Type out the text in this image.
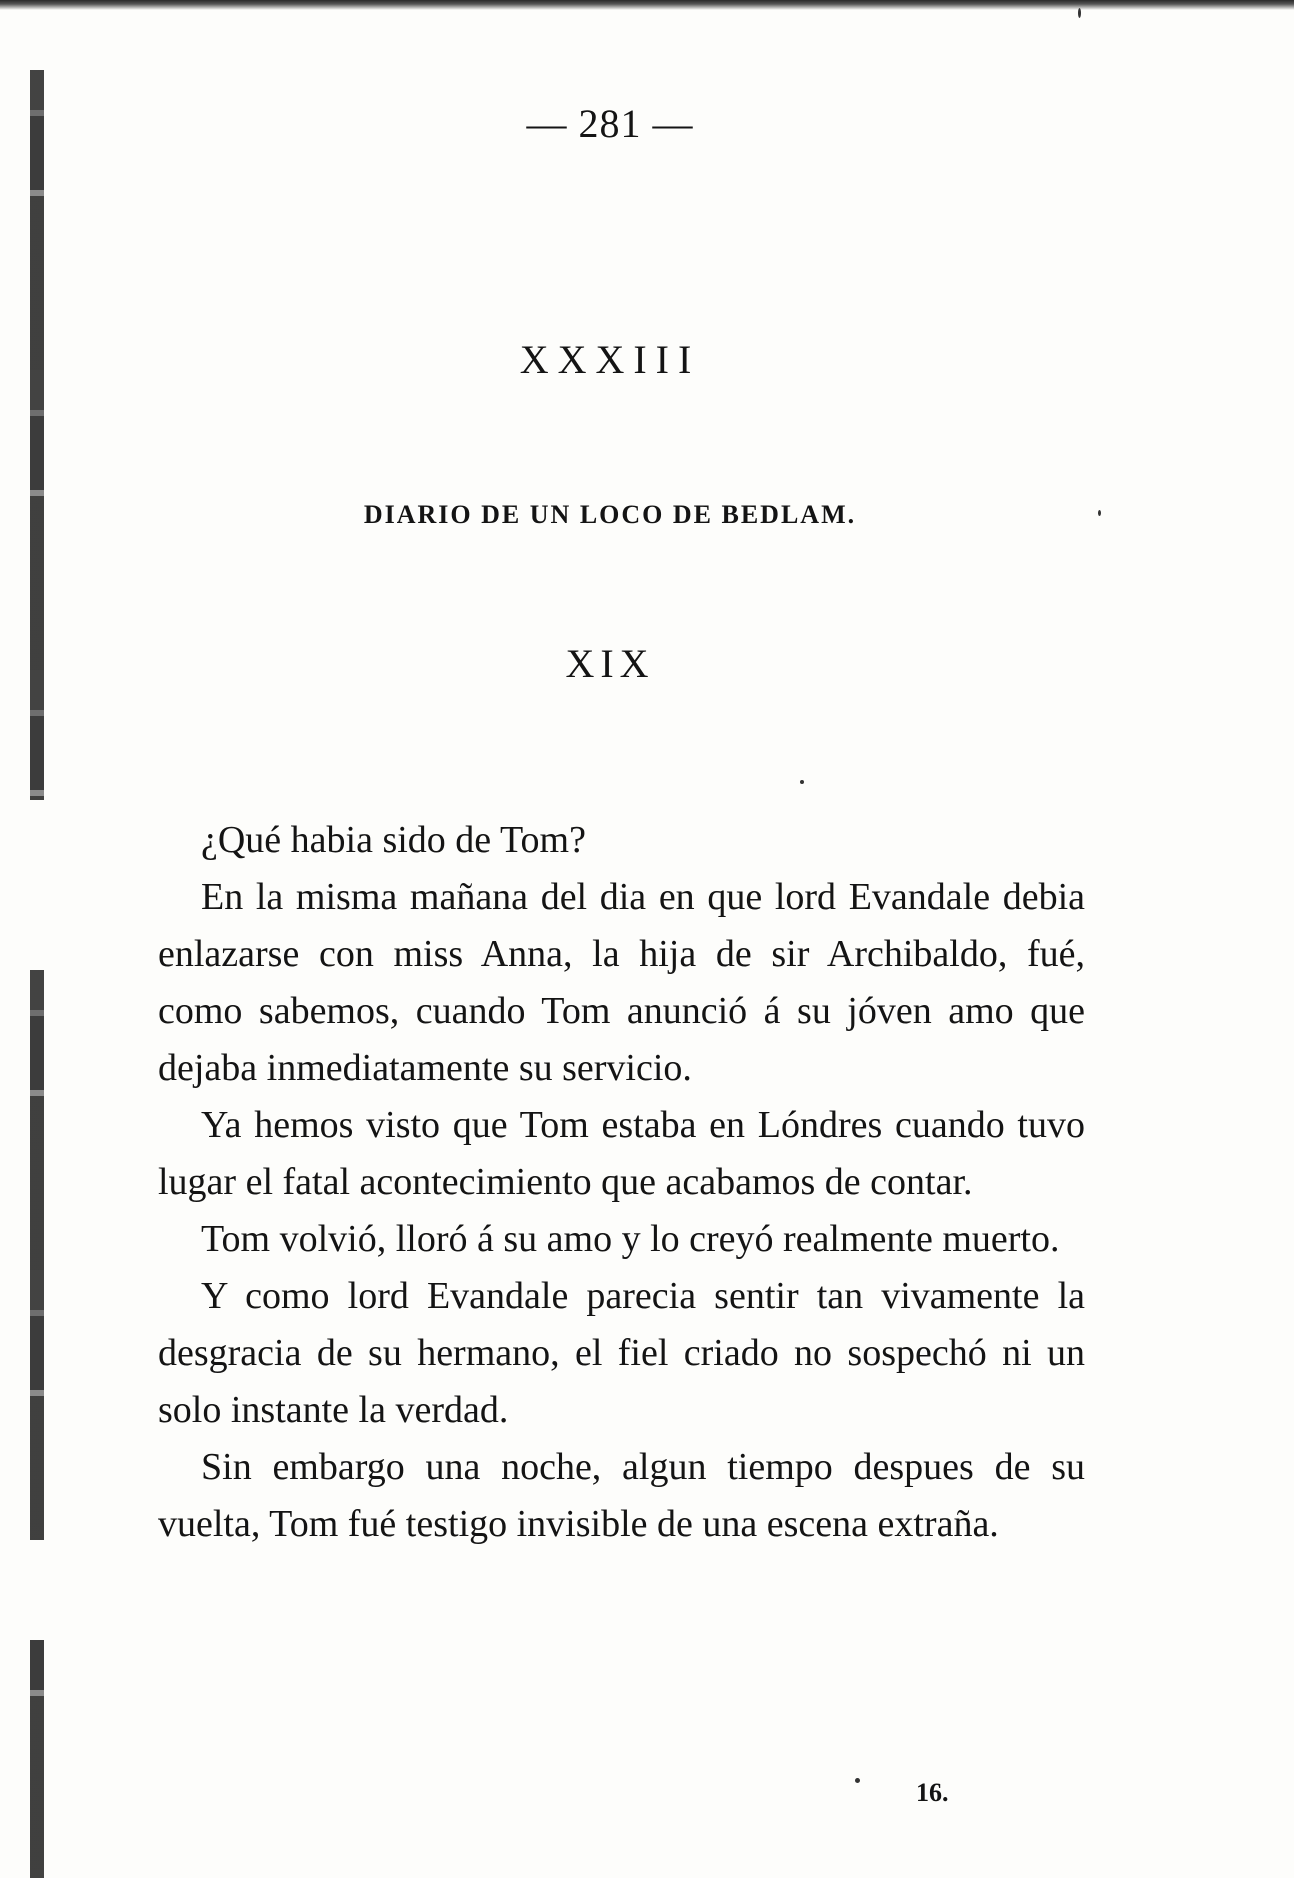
— 281 —
XXXIII
DIARIO DE UN LOCO DE BEDLAM.
XIX

¿Qué habia sido de Tom?

En la misma mañana del dia en que lord Evandale debia enlazarse con miss Anna, la hija de sir Archibaldo, fué, como sabemos, cuando Tom anunció á su jóven amo que dejaba inmediatamente su servicio.

Ya hemos visto que Tom estaba en Lóndres cuando tuvo lugar el fatal acontecimiento que acabamos de contar.

Tom volvió, lloró á su amo y lo creyó realmente muerto.

Y como lord Evandale parecia sentir tan vivamente la desgracia de su hermano, el fiel criado no sospechó ni un solo instante la verdad.

Sin embargo una noche, algun tiempo despues de su vuelta, Tom fué testigo invisible de una escena extraña.

16.
